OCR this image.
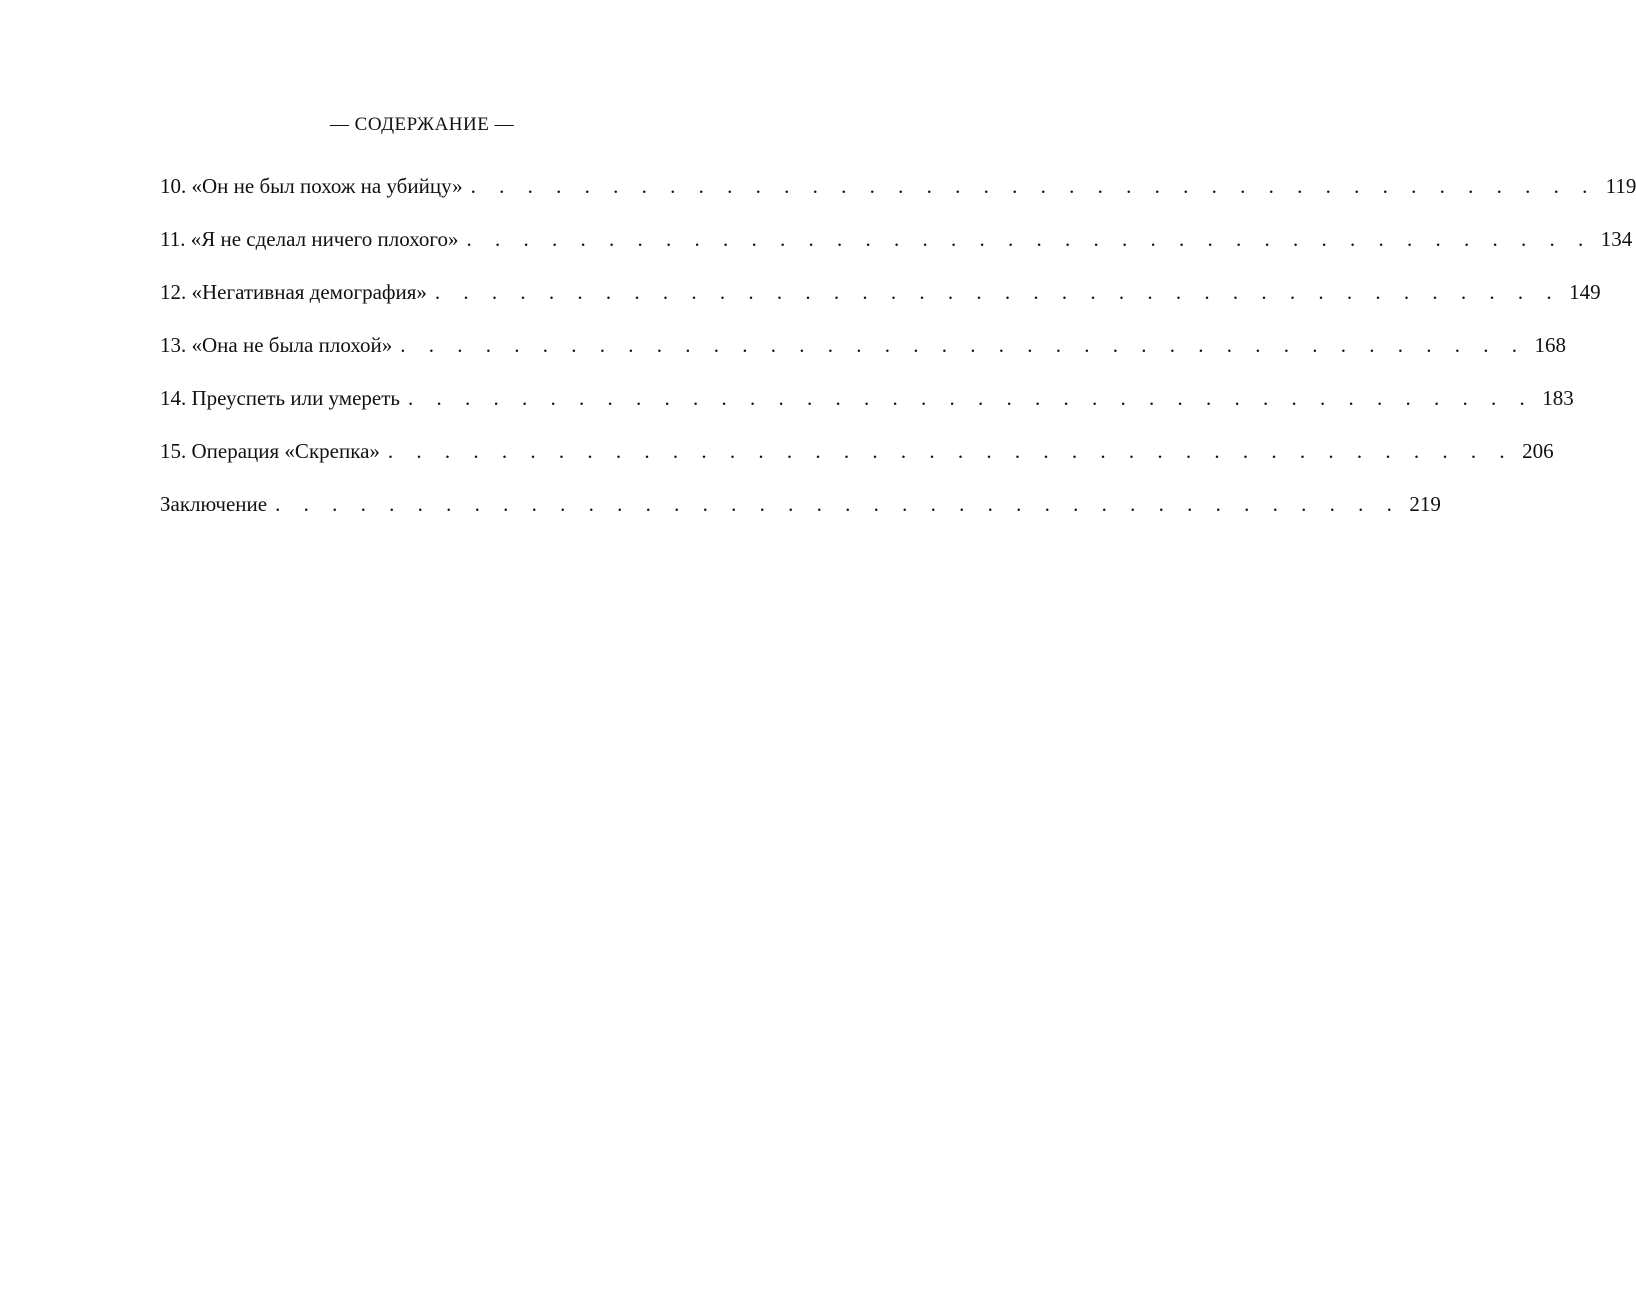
— СОДЕРЖАНИЕ —
10. «Он не был похож на убийцу» . . . . . . . . . . . . . . . . . . . . . . . . . . . . . . . . . . . . . . . . 119
11. «Я не сделал ничего плохого» . . . . . . . . . . . . . . . . . . . . . . . . . . . . . . . . . . . . . . . . 134
12. «Негативная демография» . . . . . . . . . . . . . . . . . . . . . . . . . . . . . . . . . . . . . . . . 149
13. «Она не была плохой» . . . . . . . . . . . . . . . . . . . . . . . . . . . . . . . . . . . . . . . . 168
14. Преуспеть или умереть . . . . . . . . . . . . . . . . . . . . . . . . . . . . . . . . . . . . . . . . 183
15. Операция «Скрепка» . . . . . . . . . . . . . . . . . . . . . . . . . . . . . . . . . . . . . . . . 206
Заключение . . . . . . . . . . . . . . . . . . . . . . . . . . . . . . . . . . . . . . . . 219
